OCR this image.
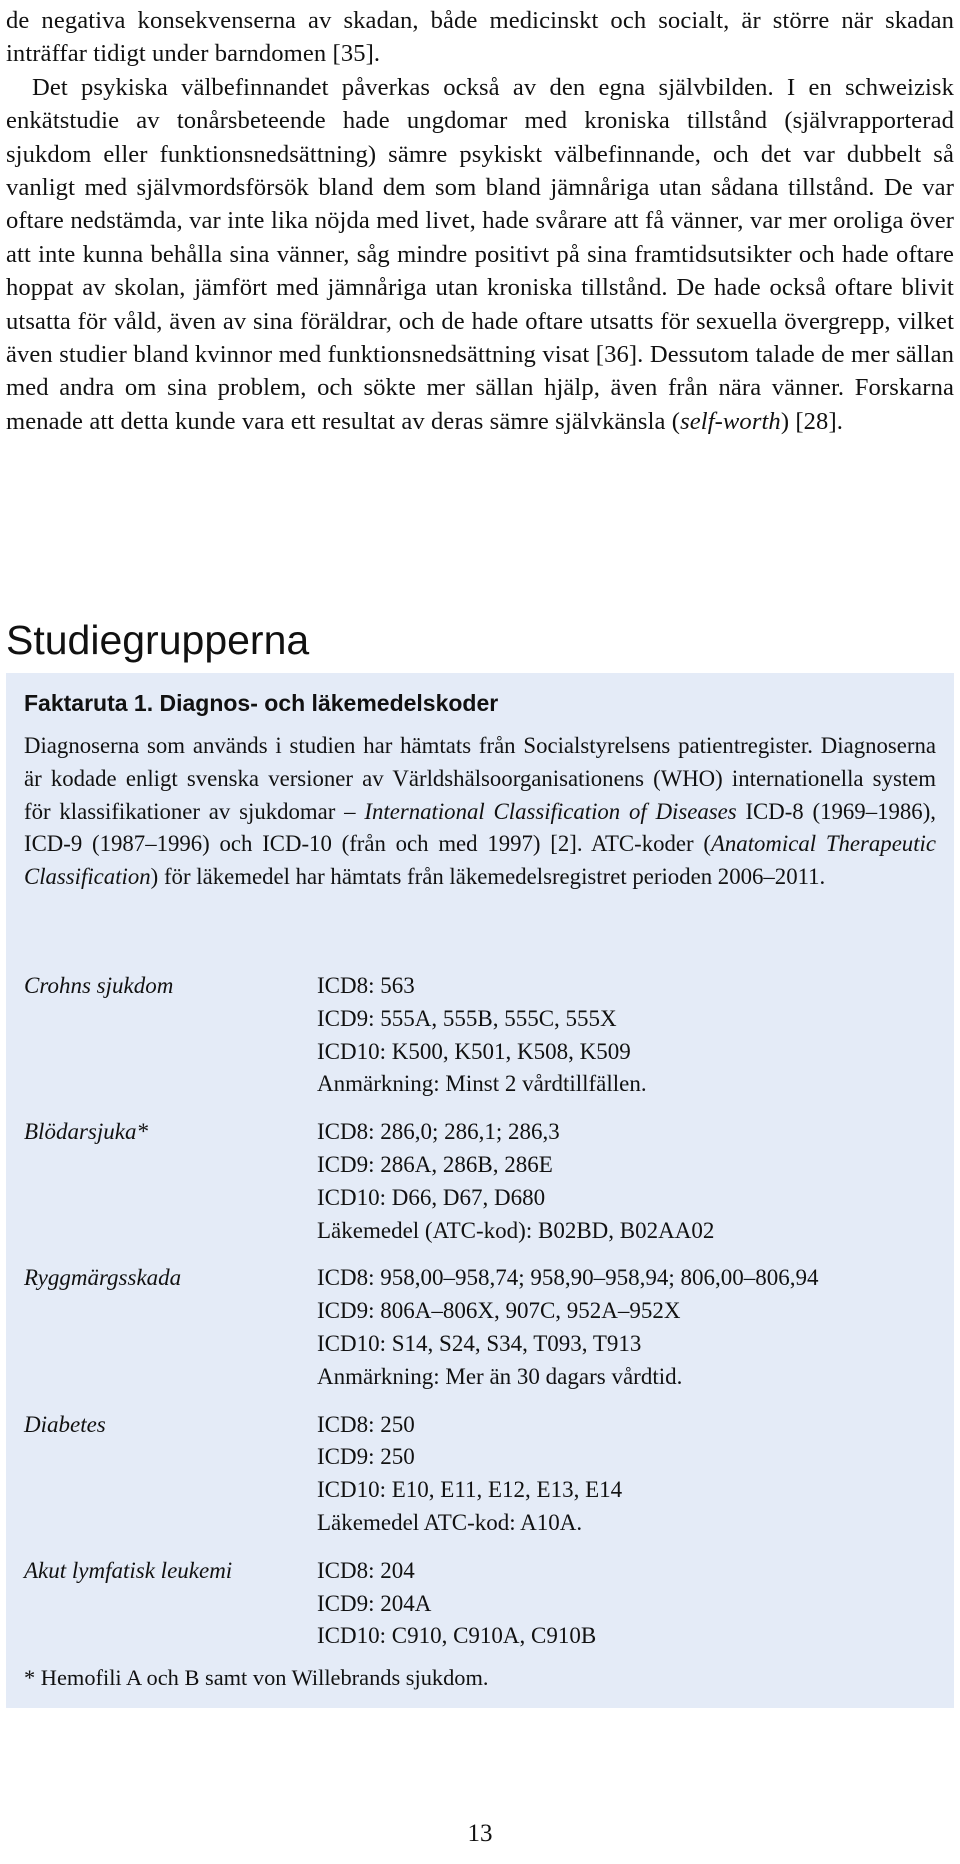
de negativa konsekvenserna av skadan, både medicinskt och socialt, är större när skadan inträffar tidigt under barndomen [35].

Det psykiska välbefinnandet påverkas också av den egna självbilden. I en schweizisk enkätstudie av tonårsbeteende hade ungdomar med kroniska tillstånd (självrapporterad sjukdom eller funktionsnedsättning) sämre psykiskt välbefinnande, och det var dubbelt så vanligt med självmordsförsök bland dem som bland jämnåriga utan sådana tillstånd. De var oftare nedstämda, var inte lika nöjda med livet, hade svårare att få vänner, var mer oroliga över att inte kunna behålla sina vänner, såg mindre positivt på sina framtidsutsikter och hade oftare hoppat av skolan, jämfört med jämnåriga utan kroniska tillstånd. De hade också oftare blivit utsatta för våld, även av sina föräldrar, och de hade oftare utsatts för sexuella övergrepp, vilket även studier bland kvinnor med funktionsnedsättning visat [36]. Dessutom talade de mer sällan med andra om sina problem, och sökte mer sällan hjälp, även från nära vänner. Forskarna menade att detta kunde vara ett resultat av deras sämre självkänsla (self-worth) [28].

Studiegrupperna
Faktaruta 1. Diagnos- och läkemedelskoder

Diagnoserna som används i studien har hämtats från Socialstyrelsens patientregister. Diagnoserna är kodade enligt svenska versioner av Världshälsoorganisationens (WHO) internationella system för klassifikationer av sjukdomar – International Classification of Diseases ICD-8 (1969–1986), ICD-9 (1987–1996) och ICD-10 (från och med 1997) [2]. ATC-koder (Anatomical Therapeutic Classification) för läkemedel har hämtats från läkemedelsregistret perioden 2006–2011.

Crohns sjukdom	ICD8: 563
ICD9: 555A, 555B, 555C, 555X
ICD10: K500, K501, K508, K509
Anmärkning: Minst 2 vårdtillfällen.
Blödarsjuka*	ICD8: 286,0; 286,1; 286,3
ICD9: 286A, 286B, 286E
ICD10: D66, D67, D680
Läkemedel (ATC-kod): B02BD, B02AA02
Ryggmärgsskada	ICD8: 958,00–958,74; 958,90–958,94; 806,00–806,94
ICD9: 806A–806X, 907C, 952A–952X
ICD10: S14, S24, S34, T093, T913
Anmärkning: Mer än 30 dagars vårdtid.
Diabetes	ICD8: 250
ICD9: 250
ICD10: E10, E11, E12, E13, E14
Läkemedel ATC-kod: A10A.
Akut lymfatisk leukemi	ICD8: 204
ICD9: 204A
ICD10: C910, C910A, C910B
* Hemofili A och B samt von Willebrands sjukdom.
13
